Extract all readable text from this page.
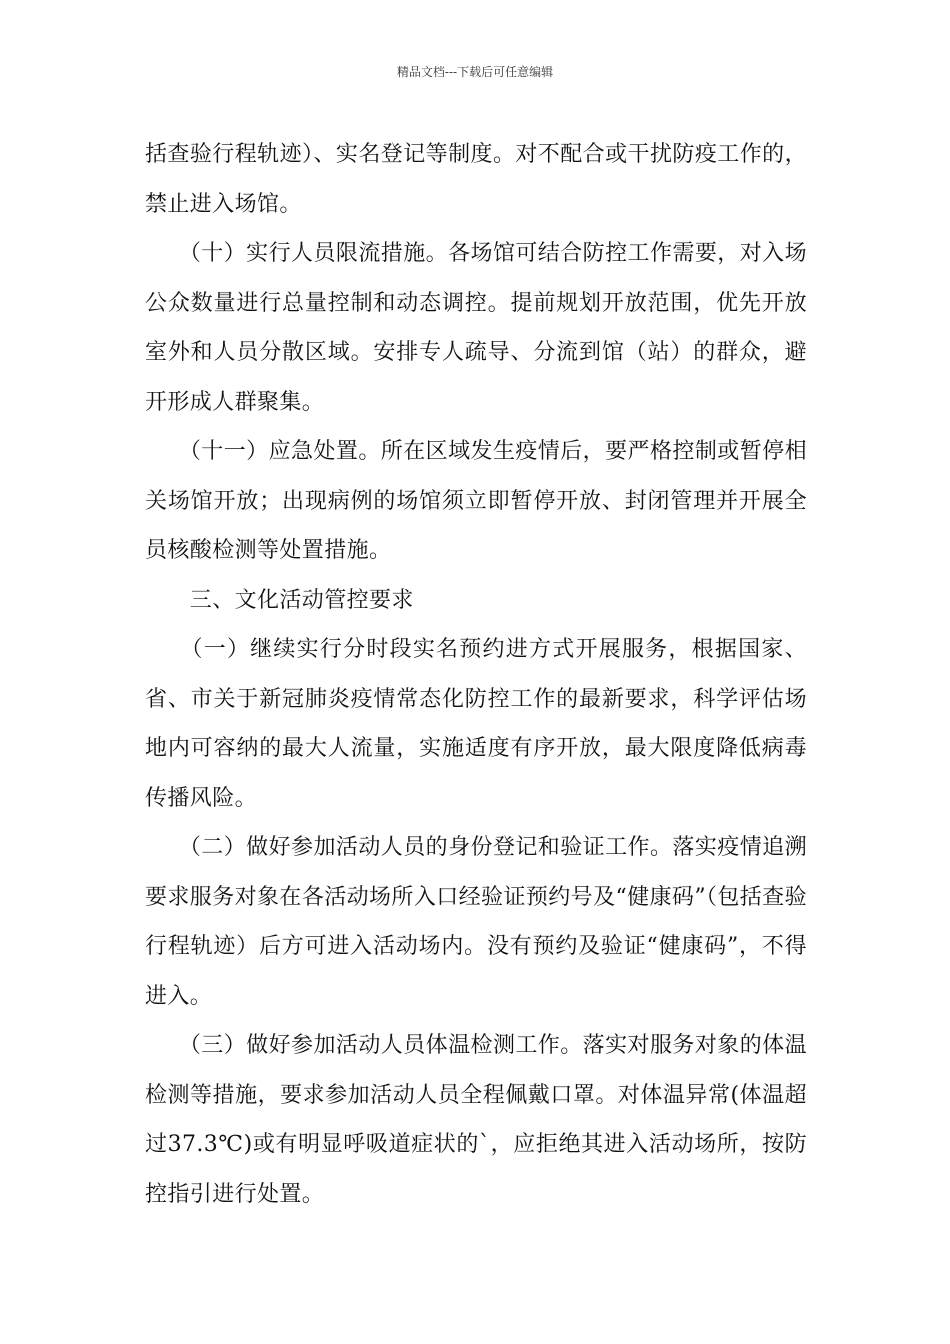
精品文档---下载后可任意编辑

括查验行程轨迹）、实名登记等制度。对不配合或干扰防疫工作的，禁止进入场馆。

　　（十）实行人员限流措施。各场馆可结合防控工作需要，对入场公众数量进行总量控制和动态调控。提前规划开放范围，优先开放室外和人员分散区域。安排专人疏导、分流到馆（站）的群众，避开形成人群聚集。

　　（十一）应急处置。所在区域发生疫情后，要严格控制或暂停相关场馆开放；出现病例的场馆须立即暂停开放、封闭管理并开展全员核酸检测等处置措施。

　　三、文化活动管控要求

　　（一）继续实行分时段实名预约进方式开展服务，根据国家、省、市关于新冠肺炎疫情常态化防控工作的最新要求，科学评估场地内可容纳的最大人流量，实施适度有序开放，最大限度降低病毒传播风险。

　　（二）做好参加活动人员的身份登记和验证工作。落实疫情追溯要求服务对象在各活动场所入口经验证预约号及“健康码”（包括查验行程轨迹）后方可进入活动场内。没有预约及验证“健康码”，不得进入。

　　（三）做好参加活动人员体温检测工作。落实对服务对象的体温检测等措施，要求参加活动人员全程佩戴口罩。对体温异常(体温超过37.3℃)或有明显呼吸道症状的`，应拒绝其进入活动场所，按防控指引进行处置。
